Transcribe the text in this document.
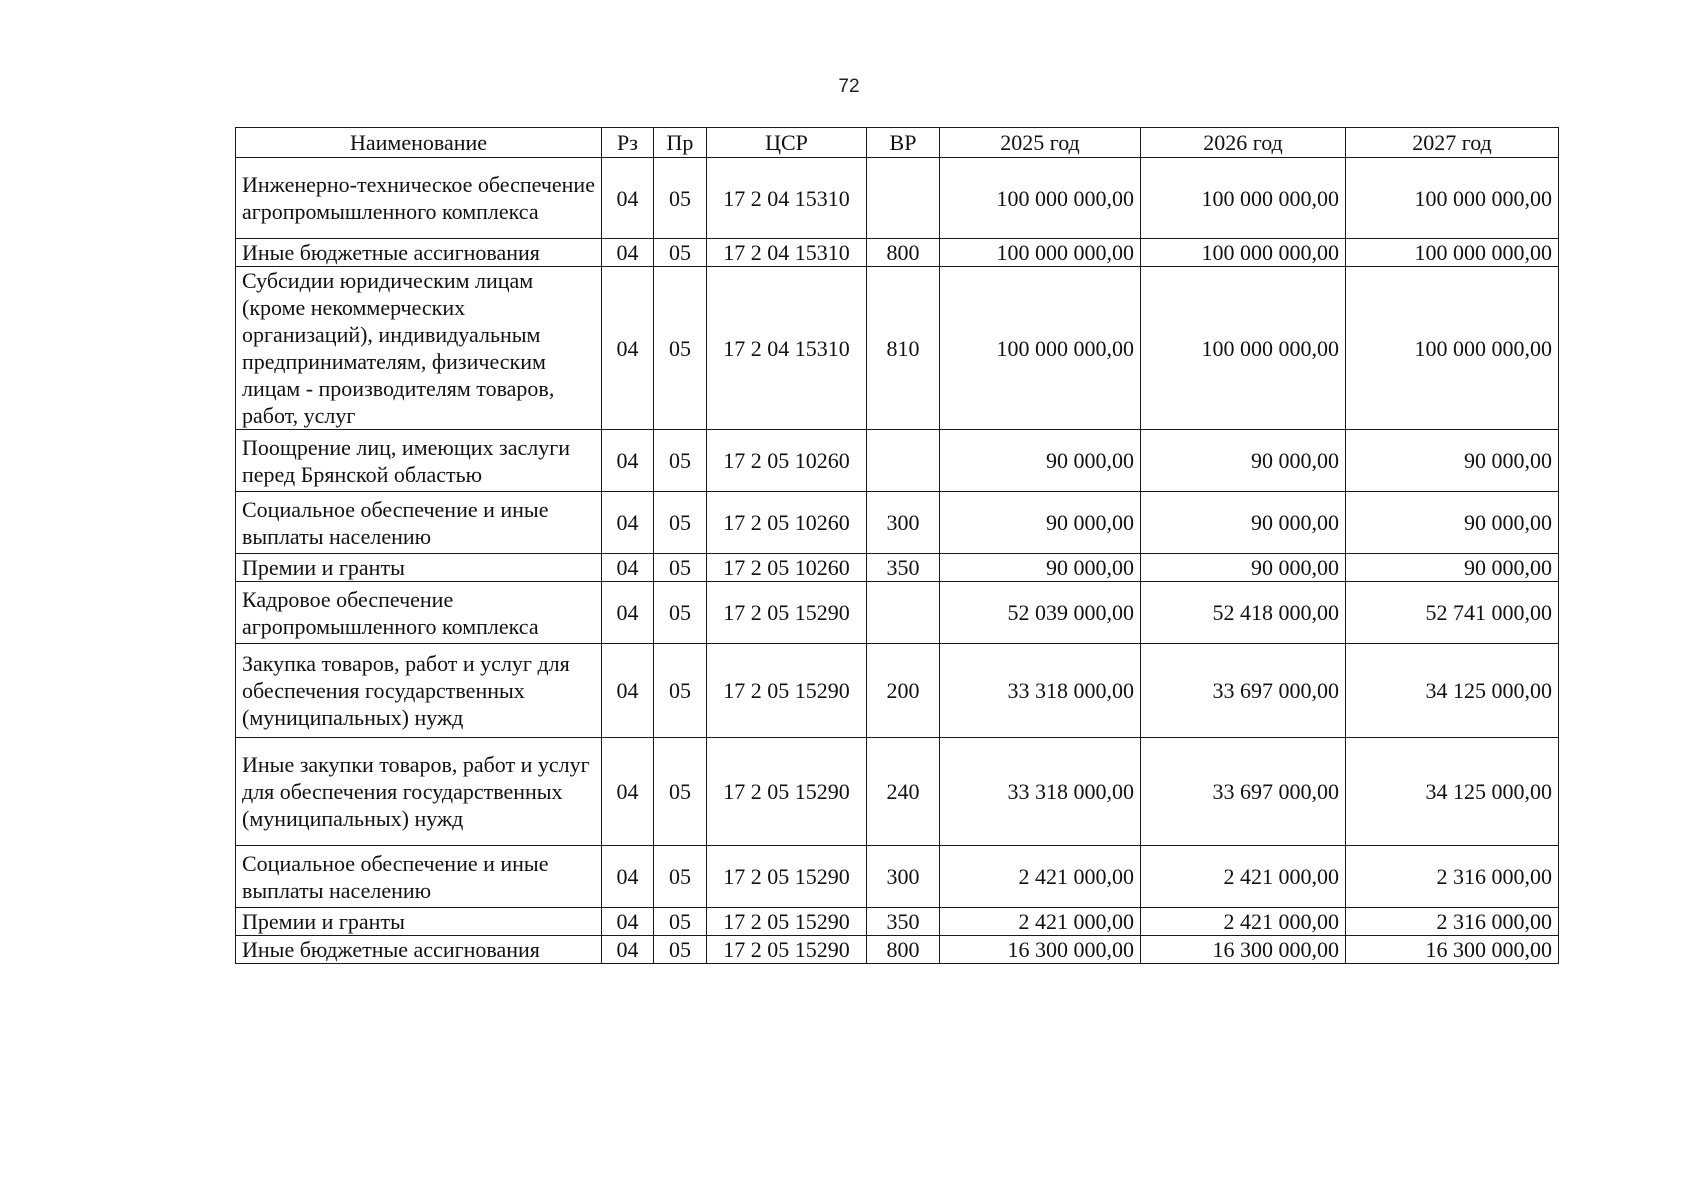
72
Наименование	Рз	Пр	ЦСР	ВР	2025 год	2026 год	2027 год
Инженерно-техническое обеспечение агропромышленного комплекса	04	05	17 2 04 15310		100 000 000,00	100 000 000,00	100 000 000,00
Иные бюджетные ассигнования	04	05	17 2 04 15310	800	100 000 000,00	100 000 000,00	100 000 000,00
Субсидии юридическим лицам (кроме некоммерческих организаций), индивидуальным предпринимателям, физическим лицам - производителям товаров, работ, услуг	04	05	17 2 04 15310	810	100 000 000,00	100 000 000,00	100 000 000,00
Поощрение лиц, имеющих заслуги перед Брянской областью	04	05	17 2 05 10260		90 000,00	90 000,00	90 000,00
Социальное обеспечение и иные выплаты населению	04	05	17 2 05 10260	300	90 000,00	90 000,00	90 000,00
Премии и гранты	04	05	17 2 05 10260	350	90 000,00	90 000,00	90 000,00
Кадровое обеспечение агропромышленного комплекса	04	05	17 2 05 15290		52 039 000,00	52 418 000,00	52 741 000,00
Закупка товаров, работ и услуг для обеспечения государственных (муниципальных) нужд	04	05	17 2 05 15290	200	33 318 000,00	33 697 000,00	34 125 000,00
Иные закупки товаров, работ и услуг для обеспечения государственных (муниципальных) нужд	04	05	17 2 05 15290	240	33 318 000,00	33 697 000,00	34 125 000,00
Социальное обеспечение и иные выплаты населению	04	05	17 2 05 15290	300	2 421 000,00	2 421 000,00	2 316 000,00
Премии и гранты	04	05	17 2 05 15290	350	2 421 000,00	2 421 000,00	2 316 000,00
Иные бюджетные ассигнования	04	05	17 2 05 15290	800	16 300 000,00	16 300 000,00	16 300 000,00
